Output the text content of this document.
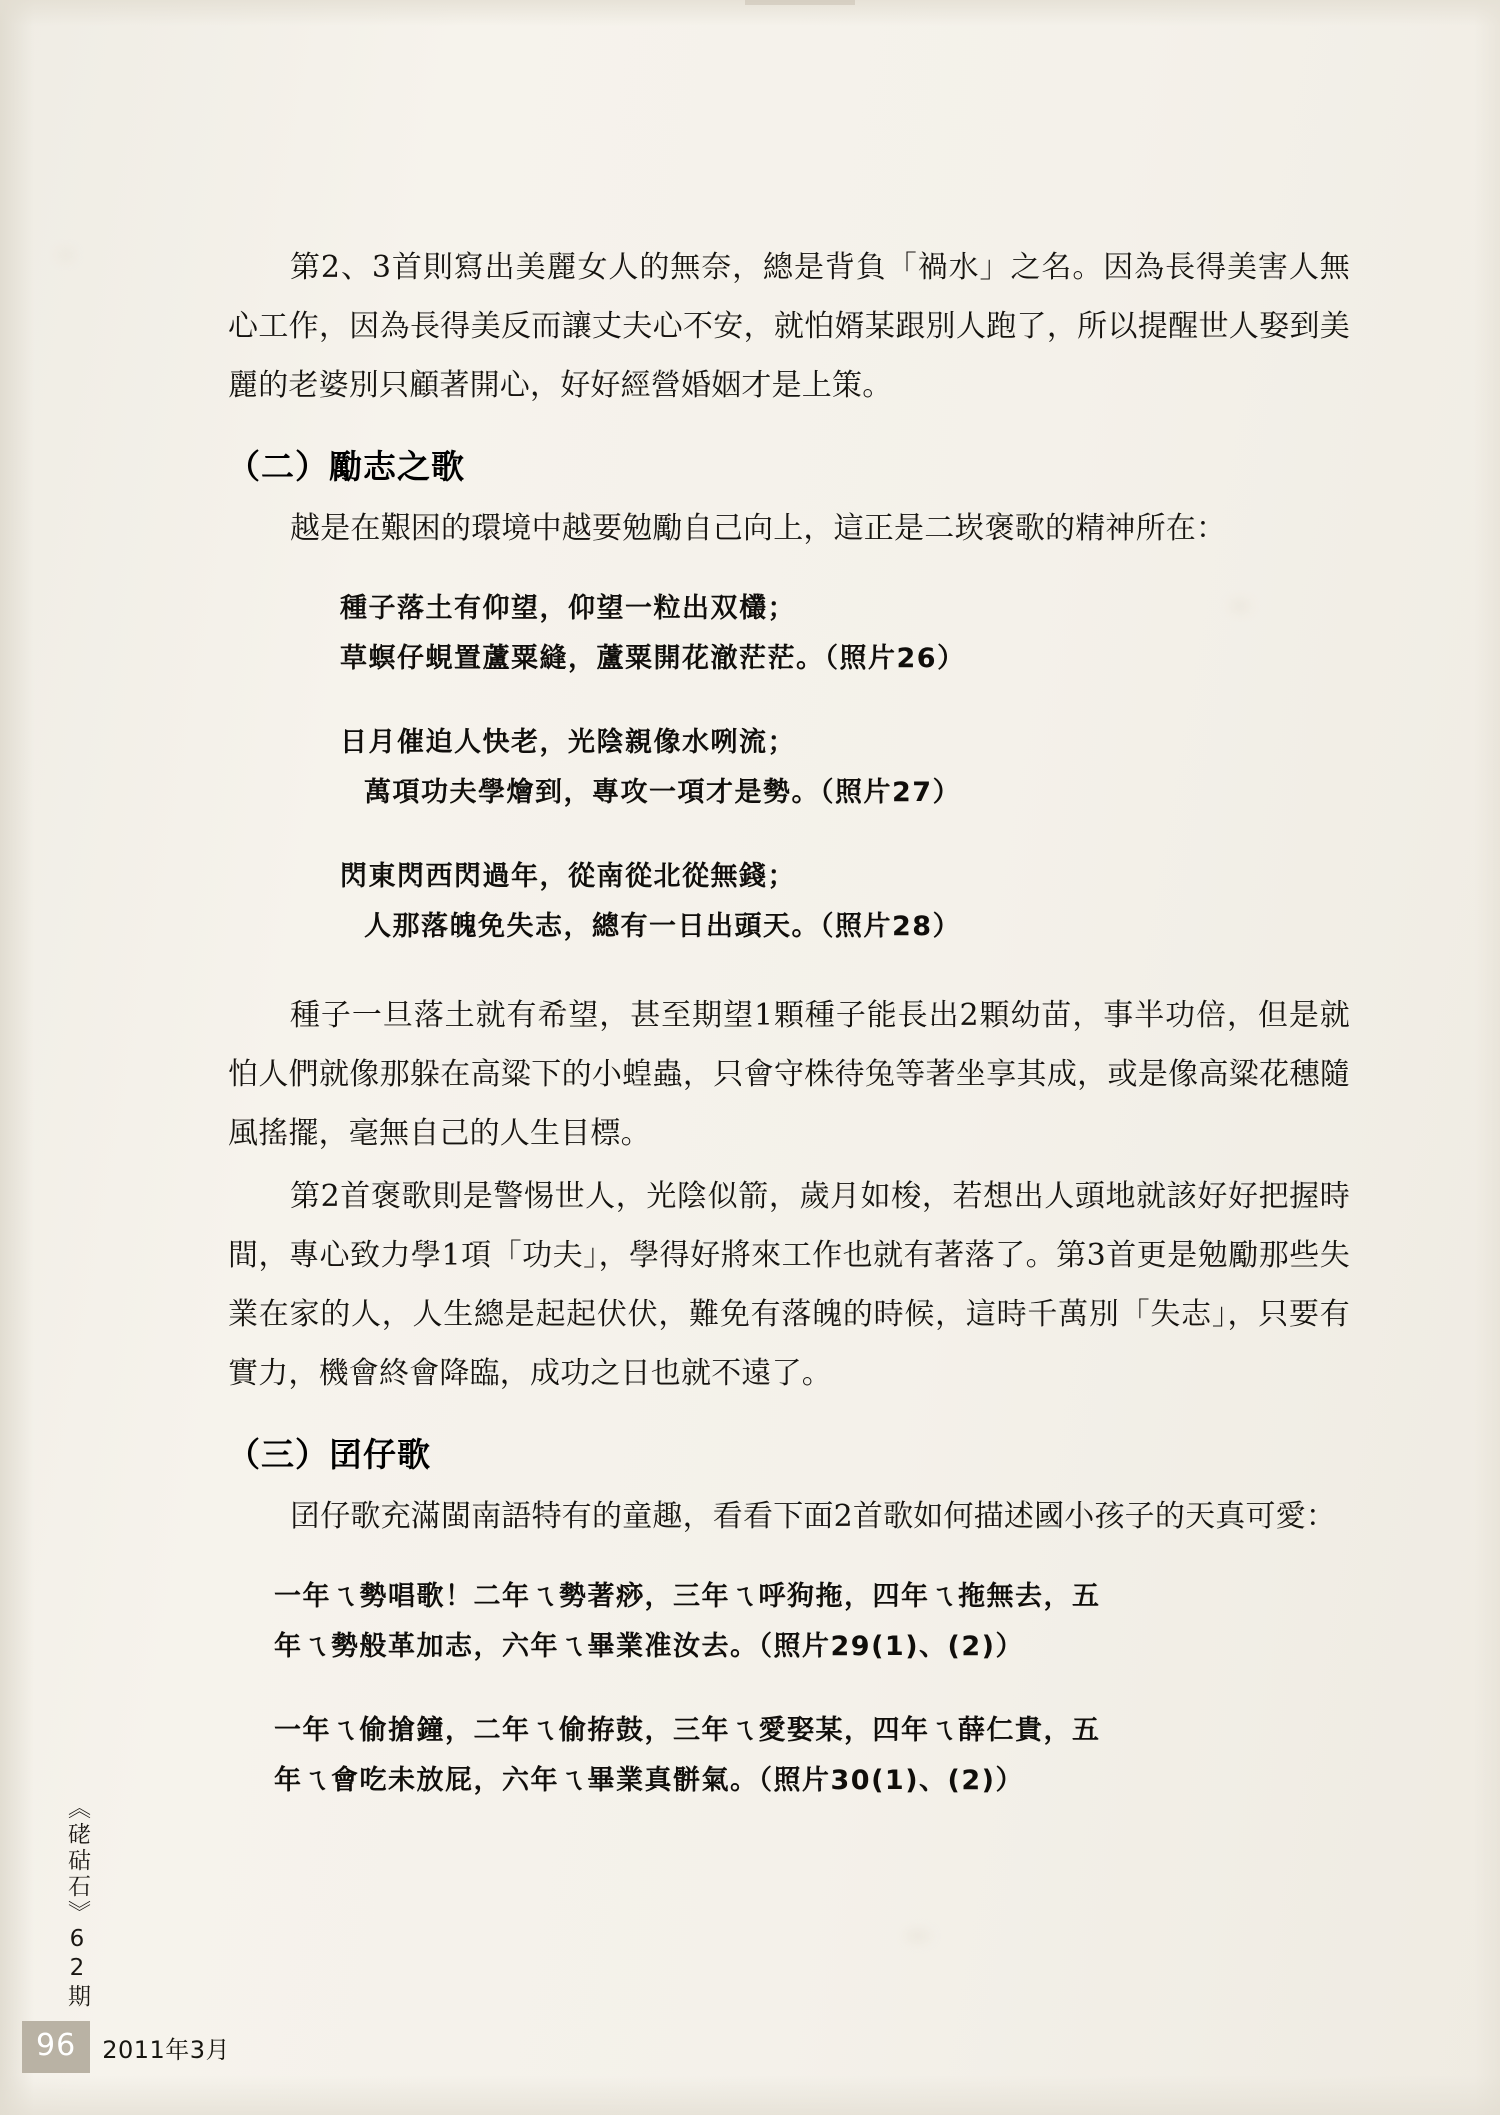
第2、3首則寫出美麗女人的無奈，總是背負「禍水」之名。因為長得美害人無心工作，因為長得美反而讓丈夫心不安，就怕婿某跟別人跑了，所以提醒世人娶到美麗的老婆別只顧著開心，好好經營婚姻才是上策。

（二）勵志之歌

越是在艱困的環境中越要勉勵自己向上，這正是二崁褒歌的精神所在：

種子落土有仰望，仰望一粒出双欉；
草螟仔蜆置蘆粟縫，蘆粟開花澈茫茫。（照片26）
日月催迫人快老，光陰親像水咧流；
萬項功夫學燴到，專攻一項才是勢。（照片27）
閃東閃西閃過年，從南從北從無錢；
人那落魄免失志，總有一日出頭天。（照片28）

種子一旦落土就有希望，甚至期望1顆種子能長出2顆幼苗，事半功倍，但是就怕人們就像那躲在高粱下的小蝗蟲，只會守株待兔等著坐享其成，或是像高粱花穗隨風搖擺，毫無自己的人生目標。

第2首褒歌則是警惕世人，光陰似箭，歲月如梭，若想出人頭地就該好好把握時間，專心致力學1項「功夫」，學得好將來工作也就有著落了。第3首更是勉勵那些失業在家的人，人生總是起起伏伏，難免有落魄的時候，這時千萬別「失志」，只要有實力，機會終會降臨，成功之日也就不遠了。

（三）囝仔歌

囝仔歌充滿閩南語特有的童趣，看看下面2首歌如何描述國小孩子的天真可愛：

一年ㄟ勢唱歌！二年ㄟ勢著痧，三年ㄟ呼狗拖，四年ㄟ拖無去，五
年ㄟ勢般革加志，六年ㄟ畢業准汝去。（照片29(1)、(2)）
一年ㄟ偷搶鐘，二年ㄟ偷拵鼓，三年ㄟ愛娶某，四年ㄟ薛仁貴，五
年ㄟ會吃未放屁，六年ㄟ畢業真骿氣。（照片30(1)、(2)）
《硓𥑮石》62期
96	2011年3月
